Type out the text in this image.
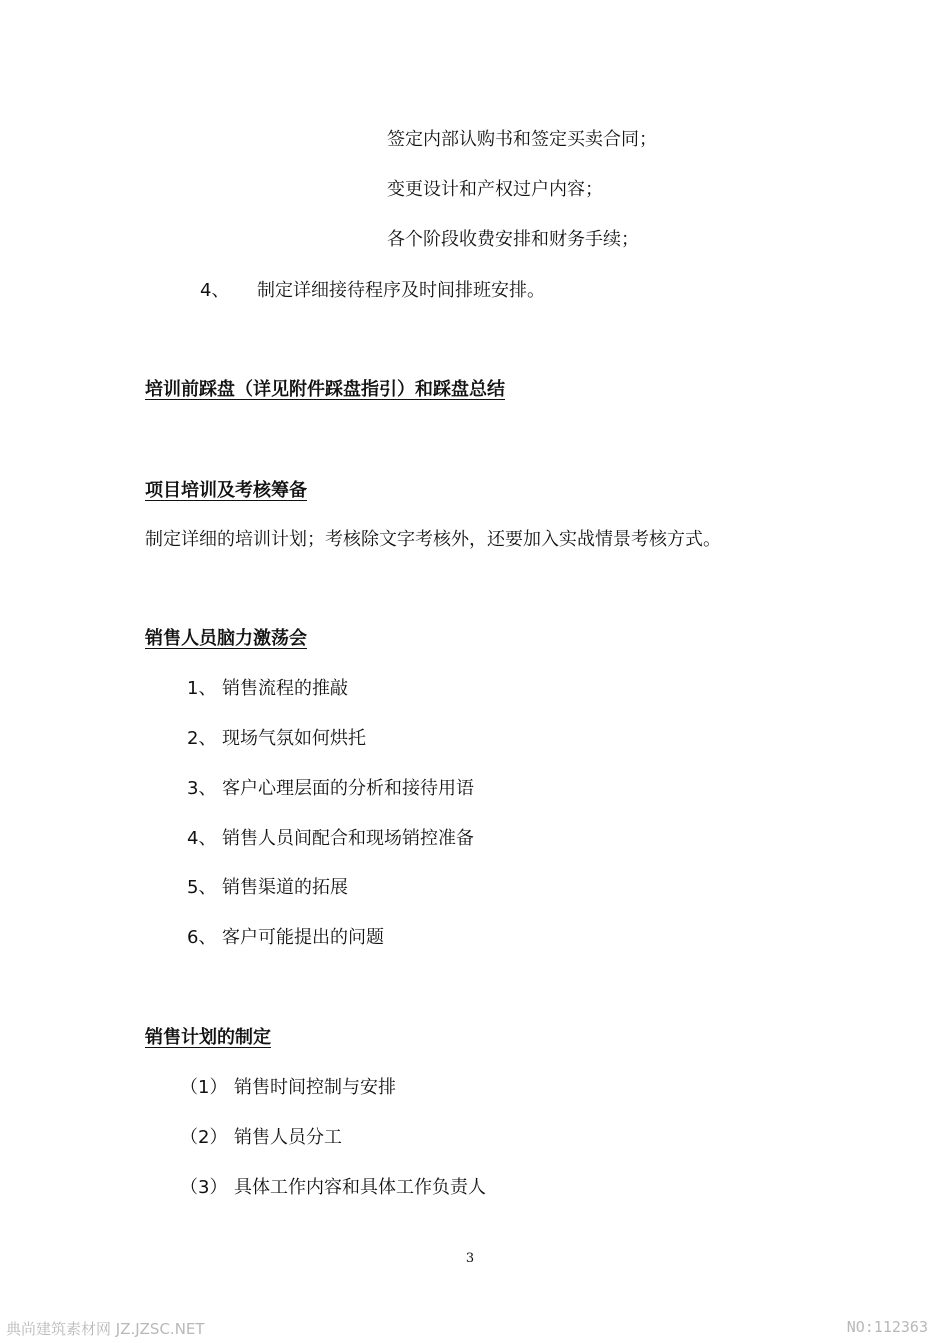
签定内部认购书和签定买卖合同；
变更设计和产权过户内容；
各个阶段收费安排和财务手续；
4、 制定详细接待程序及时间排班安排。
培训前踩盘（详见附件踩盘指引）和踩盘总结
项目培训及考核筹备
制定详细的培训计划；考核除文字考核外，还要加入实战情景考核方式。
销售人员脑力激荡会
1、 销售流程的推敲
2、 现场气氛如何烘托
3、 客户心理层面的分析和接待用语
4、 销售人员间配合和现场销控准备
5、 销售渠道的拓展
6、 客户可能提出的问题
销售计划的制定
（1） 销售时间控制与安排
（2） 销售人员分工
（3） 具体工作内容和具体工作负责人
3
典尚建筑素材网 JZ.JZSC.NET	NO:112363
